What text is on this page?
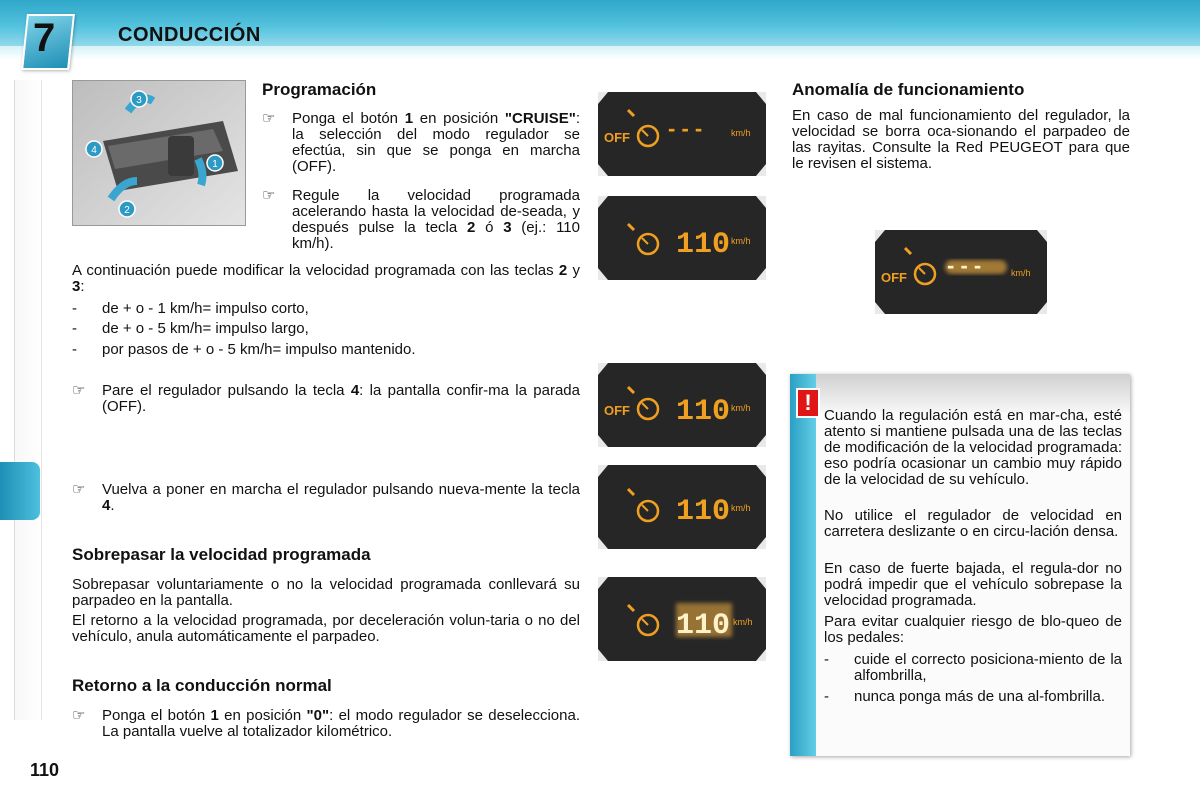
7	CONDUCCIÓN
110
3
4
1
2
Programación
☞	Ponga el botón 1 en posición "CRUISE": la selección del modo regulador se efectúa, sin que se ponga en marcha (OFF).
☞	Regule la velocidad programada acelerando hasta la velocidad de-seada, y después pulse la tecla 2 ó 3 (ej.: 110 km/h).
A continuación puede modificar la velocidad programada con las teclas 2 y 3:
-	de + o - 1 km/h= impulso corto,
-	de + o - 5 km/h= impulso largo,
-	por pasos de + o - 5 km/h= impulso mantenido.
☞	Pare el regulador pulsando la tecla 4: la pantalla confir-ma la parada (OFF).
☞	Vuelva a poner en marcha el regulador pulsando nueva-mente la tecla 4.
Sobrepasar la velocidad programada
Sobrepasar voluntariamente o no la velocidad programada conllevará su parpadeo en la pantalla.
El retorno a la velocidad programada, por deceleración volun-taria o no del vehículo, anula automáticamente el parpadeo.
Retorno a la conducción normal
☞	Ponga el botón 1 en posición "0": el modo regulador se deselecciona. La pantalla vuelve al totalizador kilométrico.
OFF - - -	km/h
110 km/h
OFF 110 km/h
110 km/h
110 km/h
Anomalía de funcionamiento
En caso de mal funcionamiento del regulador, la velocidad se borra oca-sionando el parpadeo de las rayitas. Consulte la Red PEUGEOT para que le revisen el sistema.
OFF - - -	km/h
!
Cuando la regulación está en mar-cha, esté atento si mantiene pulsada una de las teclas de modificación de la velocidad programada: eso podría ocasionar un cambio muy rápido de la velocidad de su vehículo.
No utilice el regulador de velocidad en carretera deslizante o en circu-lación densa.
En caso de fuerte bajada, el regula-dor no podrá impedir que el vehículo sobrepase la velocidad programada.
Para evitar cualquier riesgo de blo-queo de los pedales:
-	cuide el correcto posiciona-miento de la alfombrilla,
-	nunca ponga más de una al-fombrilla.
